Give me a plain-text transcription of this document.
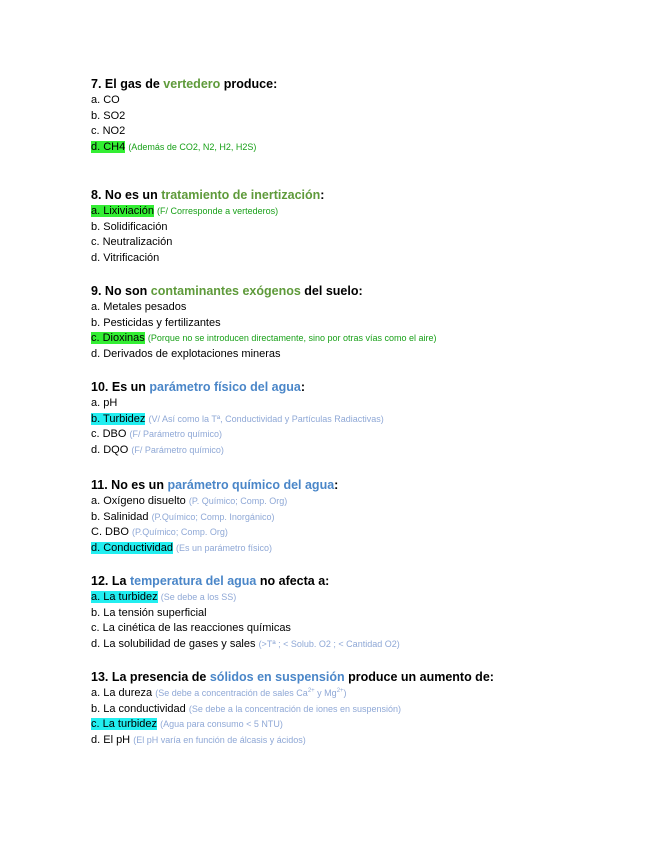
7. El gas de vertedero produce:
a. CO
b. SO2
c. NO2
d. CH4 (Además de CO2, N2, H2, H2S)
8. No es un tratamiento de inertización:
a. Lixiviación (F/ Corresponde a vertederos)
b. Solidificación
c. Neutralización
d. Vitrificación
9. No son contaminantes exógenos del suelo:
a. Metales pesados
b. Pesticidas y fertilizantes
c. Dioxinas (Porque no se introducen directamente, sino por otras vías como el aire)
d. Derivados de explotaciones mineras
10. Es un parámetro físico del agua:
a. pH
b. Turbidez (V/ Así como la Tª, Conductividad y Partículas Radiactivas)
c. DBO (F/ Parámetro químico)
d. DQO (F/ Parámetro químico)
11. No es un parámetro químico del agua:
a. Oxígeno disuelto (P. Químico; Comp. Org)
b. Salinidad (P.Químico; Comp. Inorgánico)
C. DBO (P.Químico; Comp. Org)
d. Conductividad (Es un parámetro físico)
12. La temperatura del agua no afecta a:
a. La turbidez (Se debe a los SS)
b. La tensión superficial
c. La cinética de las reacciones químicas
d. La solubilidad de gases y sales (>Tª ; < Solub. O2 ; < Cantidad O2)
13. La presencia de sólidos en suspensión produce un aumento de:
a. La dureza (Se debe a concentración de sales $Ca^{2+}$ y $Mg^{2+}$)
b. La conductividad (Se debe a la concentración de iones en suspensión)
c. La turbidez (Agua para consumo < 5 NTU)
d. El pH (El pH varía en función de álcasis y ácidos)
